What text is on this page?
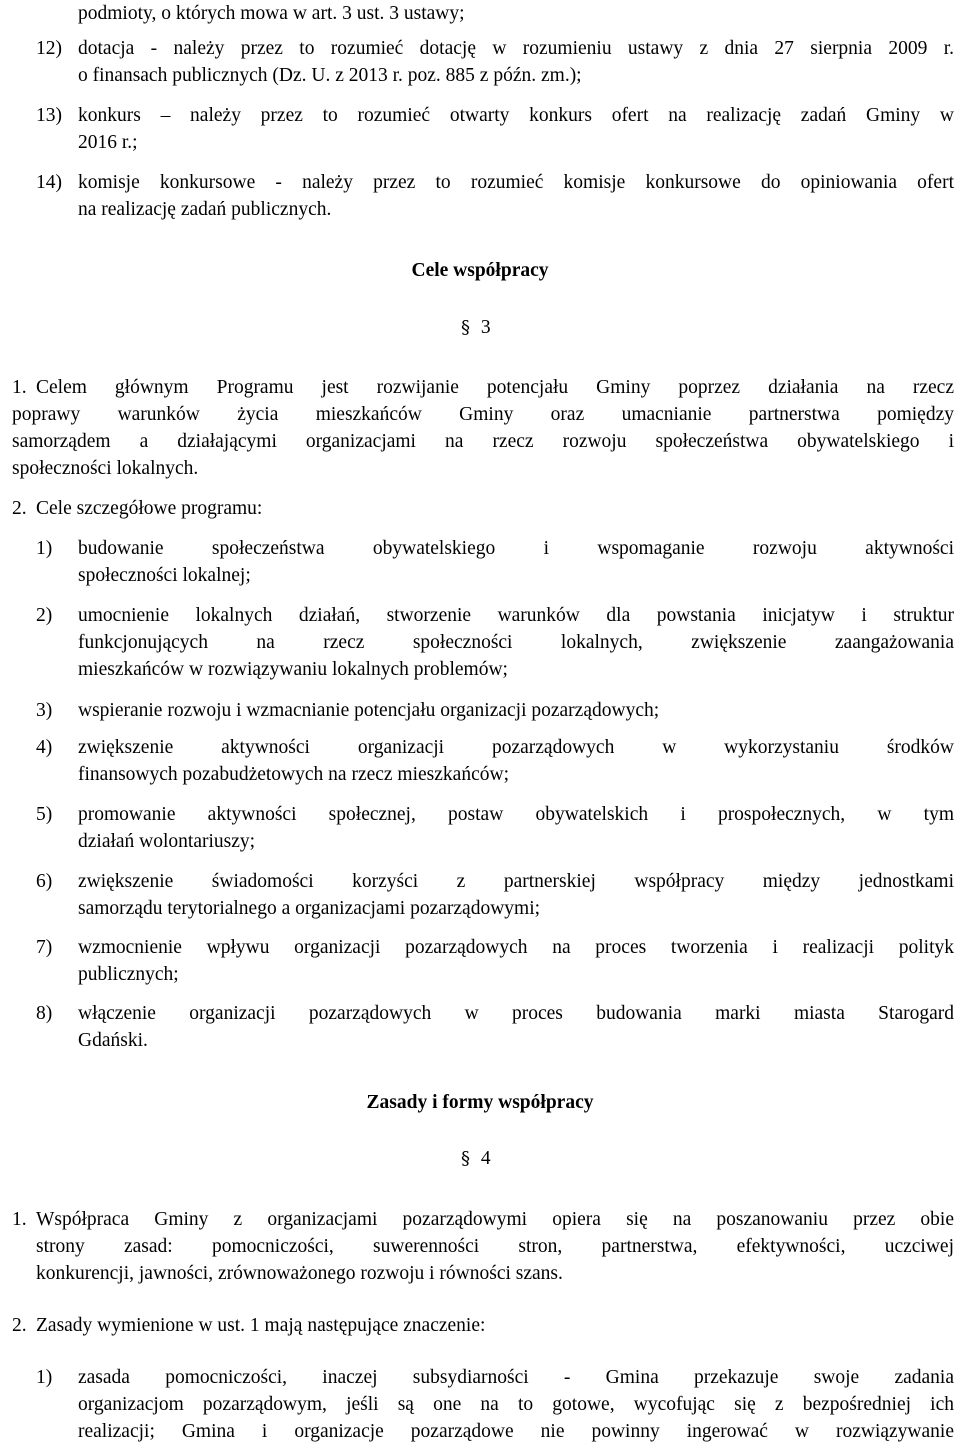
podmioty, o których mowa w art. 3 ust. 3 ustawy;
12) dotacja - należy przez to rozumieć dotację w rozumieniu ustawy z dnia 27 sierpnia 2009 r.
o finansach publicznych (Dz. U. z 2013 r. poz. 885 z późn. zm.);
13) konkurs – należy przez to rozumieć otwarty konkurs ofert na realizację zadań Gminy w
2016 r.;
14) komisje konkursowe - należy przez to rozumieć komisje konkursowe do opiniowania ofert
na realizację zadań publicznych.
Cele współpracy
§ 3
1. Celem głównym Programu jest rozwijanie potencjału Gminy poprzez działania na rzecz
poprawy warunków życia mieszkańców Gminy oraz umacnianie partnerstwa pomiędzy
samorządem a działającymi organizacjami na rzecz rozwoju społeczeństwa obywatelskiego i
społeczności lokalnych.
2. Cele szczegółowe programu:
1) budowanie społeczeństwa obywatelskiego i wspomaganie rozwoju aktywności
społeczności lokalnej;
2) umocnienie lokalnych działań, stworzenie warunków dla powstania inicjatyw i struktur
funkcjonujących na rzecz społeczności lokalnych, zwiększenie zaangażowania
mieszkańców w rozwiązywaniu lokalnych problemów;
3) wspieranie rozwoju i wzmacnianie potencjału organizacji pozarządowych;
4) zwiększenie aktywności organizacji pozarządowych w wykorzystaniu środków
finansowych pozabudżetowych na rzecz mieszkańców;
5) promowanie aktywności społecznej, postaw obywatelskich i prospołecznych, w tym
działań wolontariuszy;
6) zwiększenie świadomości korzyści z partnerskiej współpracy między jednostkami
samorządu terytorialnego a organizacjami pozarządowymi;
7) wzmocnienie wpływu organizacji pozarządowych na proces tworzenia i realizacji polityk
publicznych;
8) włączenie organizacji pozarządowych w proces budowania marki miasta Starogard
Gdański.
Zasady i formy współpracy
§ 4
1. Współpraca Gminy z organizacjami pozarządowymi opiera się na poszanowaniu przez obie
strony zasad: pomocniczości, suwerenności stron, partnerstwa, efektywności, uczciwej
konkurencji, jawności, zrównoważonego rozwoju i równości szans.
2. Zasady wymienione w ust. 1 mają następujące znaczenie:
1) zasada pomocniczości, inaczej subsydiarności - Gmina przekazuje swoje zadania
organizacjom pozarządowym, jeśli są one na to gotowe, wycofując się z bezpośredniej ich
realizacji; Gmina i organizacje pozarządowe nie powinny ingerować w rozwiązywanie
